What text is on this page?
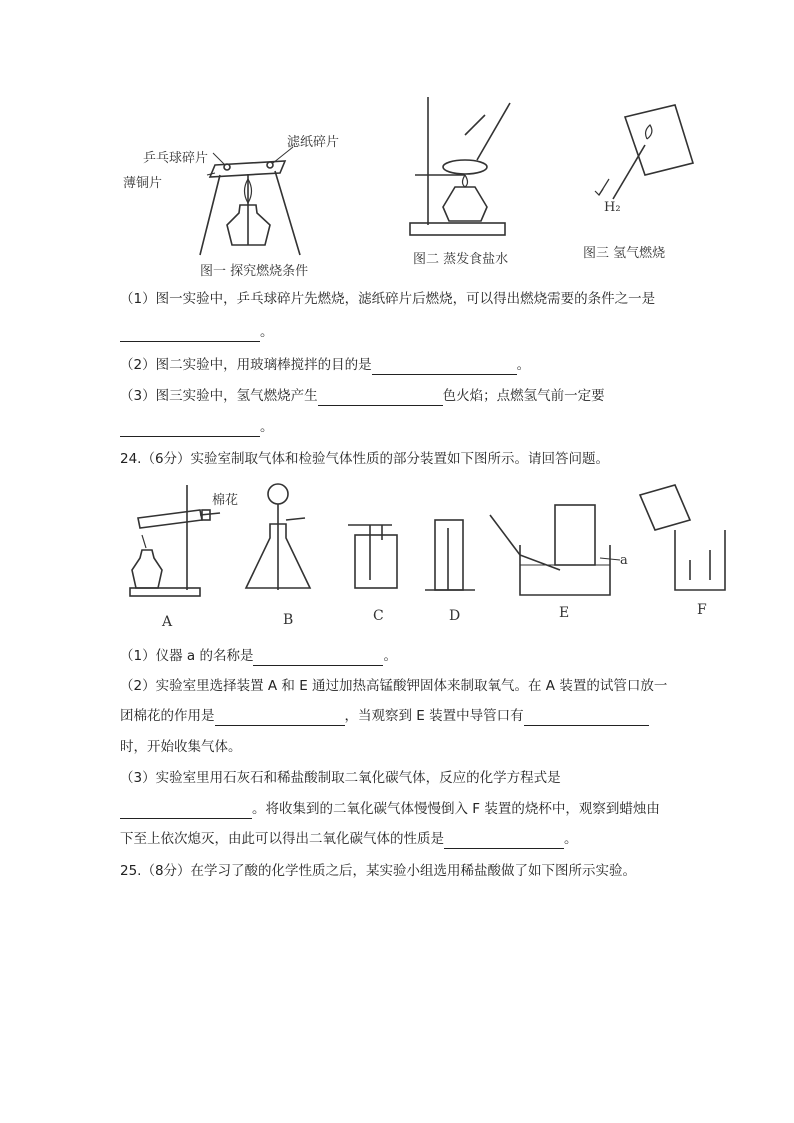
乒乓球碎片
薄铜片
滤纸碎片
图一 探究燃烧条件
图二 蒸发食盐水
H₂
图三 氢气燃烧
（1）图一实验中，乒乓球碎片先燃烧，滤纸碎片后燃烧，可以得出燃烧需要的条件之一是
。
（2）图二实验中，用玻璃棒搅拌的目的是	。
（3）图三实验中，氢气燃烧产生	色火焰；点燃氢气前一定要
。
24.（6分）实验室制取气体和检验气体性质的部分装置如下图所示。请回答问题。
棉花
a
A	B	C	D	E	F
（1）仪器 a 的名称是	。
（2）实验室里选择装置 A 和 E 通过加热高锰酸钾固体来制取氧气。在 A 装置的试管口放一
团棉花的作用是	，当观察到 E 装置中导管口有
时，开始收集气体。
（3）实验室里用石灰石和稀盐酸制取二氧化碳气体，反应的化学方程式是
。将收集到的二氧化碳气体慢慢倒入 F 装置的烧杯中，观察到蜡烛由
下至上依次熄灭，由此可以得出二氧化碳气体的性质是	。
25.（8分）在学习了酸的化学性质之后，某实验小组选用稀盐酸做了如下图所示实验。
